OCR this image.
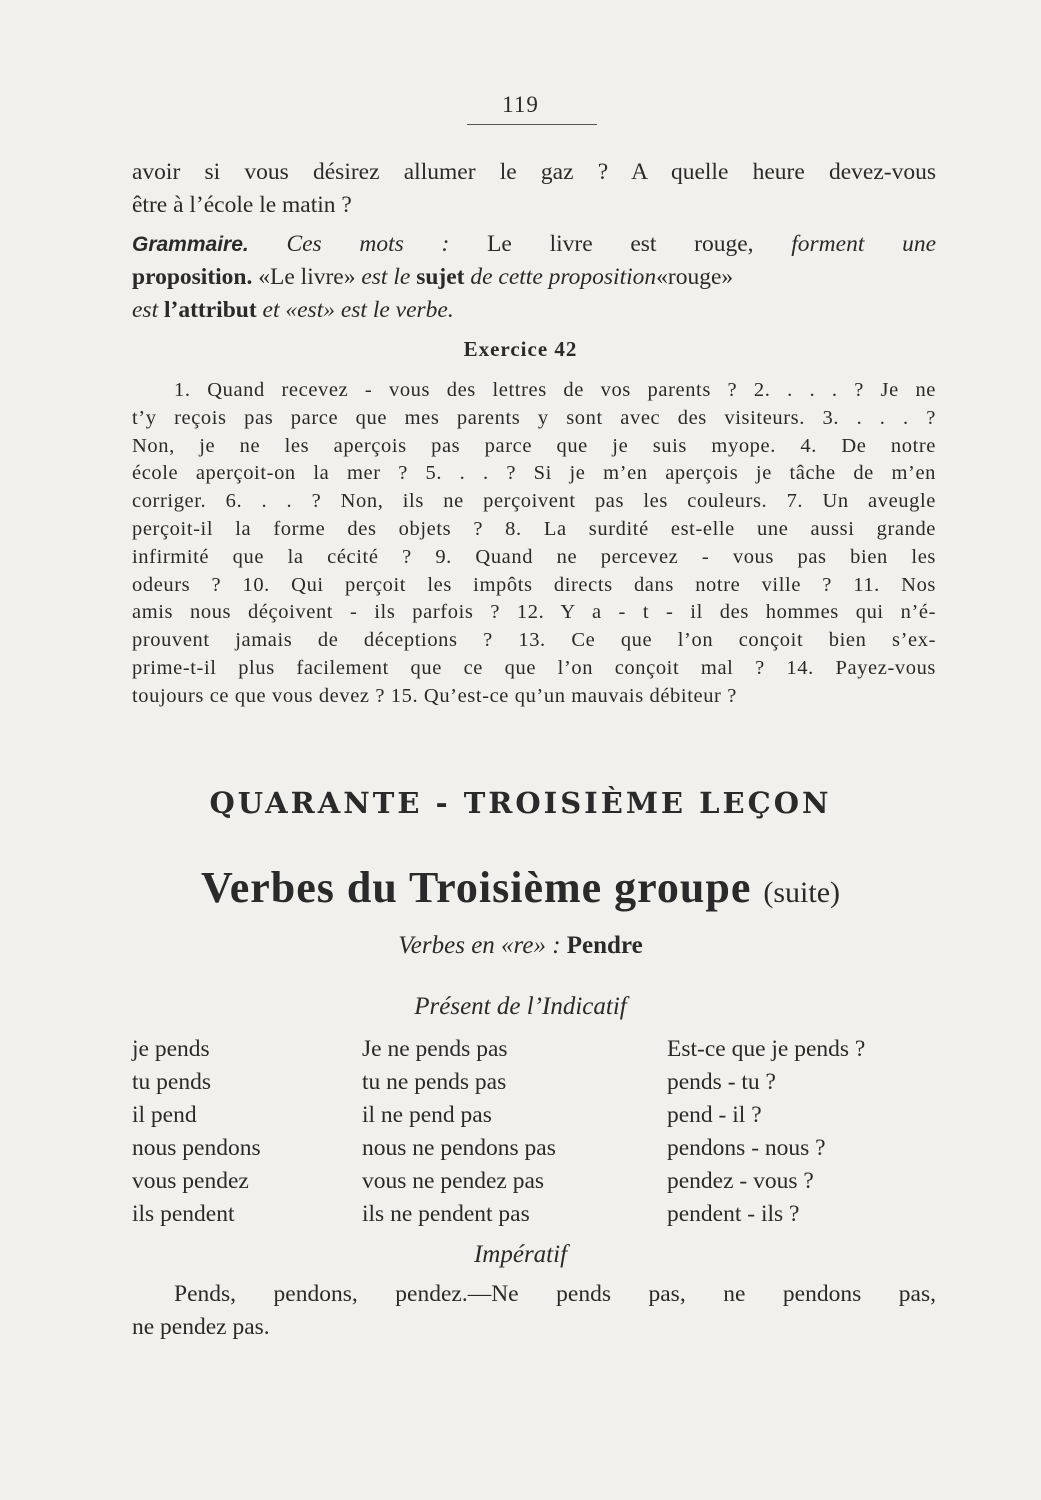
119
avoir si vous désirez allumer le gaz ? A quelle heure devez-vous
être à l’école le matin ?
Grammaire. Ces mots : Le livre est rouge, forment une
proposition. «Le livre» est le sujet de cette proposition«rouge»
est l’attribut et «est» est le verbe.
Exercice 42
1. Quand recevez - vous des lettres de vos parents ? 2. . . . ? Je ne
t’y reçois pas parce que mes parents y sont avec des visiteurs. 3. . . . ?
Non, je ne les aperçois pas parce que je suis myope. 4. De notre
école aperçoit-on la mer ? 5. . . ? Si je m’en aperçois je tâche de m’en
corriger. 6. . . ? Non, ils ne perçoivent pas les couleurs. 7. Un aveugle
perçoit-il la forme des objets ? 8. La surdité est-elle une aussi grande
infirmité que la cécité ? 9. Quand ne percevez - vous pas bien les
odeurs ? 10. Qui perçoit les impôts directs dans notre ville ? 11. Nos
amis nous déçoivent - ils parfois ? 12. Y a - t - il des hommes qui n’é-
prouvent jamais de déceptions ? 13. Ce que l’on conçoit bien s’ex-
prime-t-il plus facilement que ce que l’on conçoit mal ? 14. Payez-vous
toujours ce que vous devez ? 15. Qu’est-ce qu’un mauvais débiteur ?
QUARANTE - TROISIÈME LEÇON
Verbes du Troisième groupe (suite)
Verbes en «re» : Pendre
Présent de l’Indicatif
je pends	Je ne pends pas	Est-ce que je pends ?
tu pends	tu ne pends pas	pends - tu ?
il pend	il ne pend pas	pend - il ?
nous pendons	nous ne pendons pas	pendons - nous ?
vous pendez	vous ne pendez pas	pendez - vous ?
ils pendent	ils ne pendent pas	pendent - ils ?
Impératif
Pends, pendons, pendez.—Ne pends pas, ne pendons pas,
ne pendez pas.
